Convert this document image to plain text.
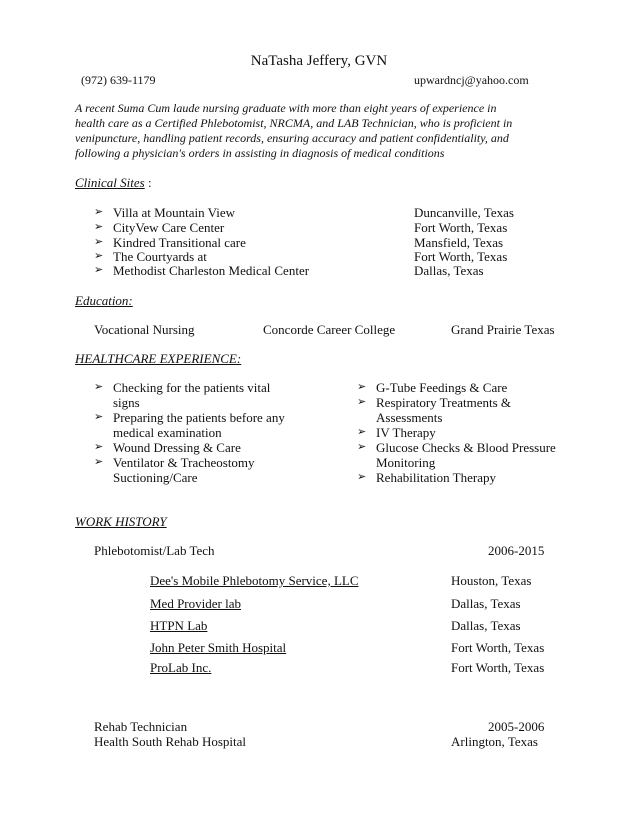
NaTasha Jeffery, GVN
(972) 639-1179	upwardncj@yahoo.com
A recent Suma Cum laude nursing graduate with more than eight years of experience in
health care as a Certified Phlebotomist, NRCMA, and LAB Technician, who is proficient in
venipuncture, handling patient records, ensuring accuracy and patient confidentiality, and
following a physician's orders in assisting in diagnosis of medical conditions
Clinical Sites :
➢ Villa at Mountain View	Duncanville, Texas
➢ CityVew Care Center	Fort Worth, Texas
➢ Kindred Transitional care	Mansfield, Texas
➢ The Courtyards at	Fort Worth, Texas
➢ Methodist Charleston Medical Center	Dallas, Texas
Education:
Vocational Nursing	Concorde Career College	Grand Prairie Texas
HEALTHCARE EXPERIENCE:
➢ Checking for the patients vital
signs
➢ Preparing the patients before any
medical examination
➢ Wound Dressing & Care
➢ Ventilator & Tracheostomy
Suctioning/Care
➢ G-Tube Feedings & Care
➢ Respiratory Treatments &
Assessments
➢ IV Therapy
➢ Glucose Checks & Blood Pressure
Monitoring
➢ Rehabilitation Therapy
WORK HISTORY
Phlebotomist/Lab Tech	2006-2015
Dee's Mobile Phlebotomy Service, LLC	Houston, Texas
Med Provider lab	Dallas, Texas
HTPN Lab	Dallas, Texas
John Peter Smith Hospital	Fort Worth, Texas
ProLab Inc.	Fort Worth, Texas
Rehab Technician	2005-2006
Health South Rehab Hospital	Arlington, Texas
